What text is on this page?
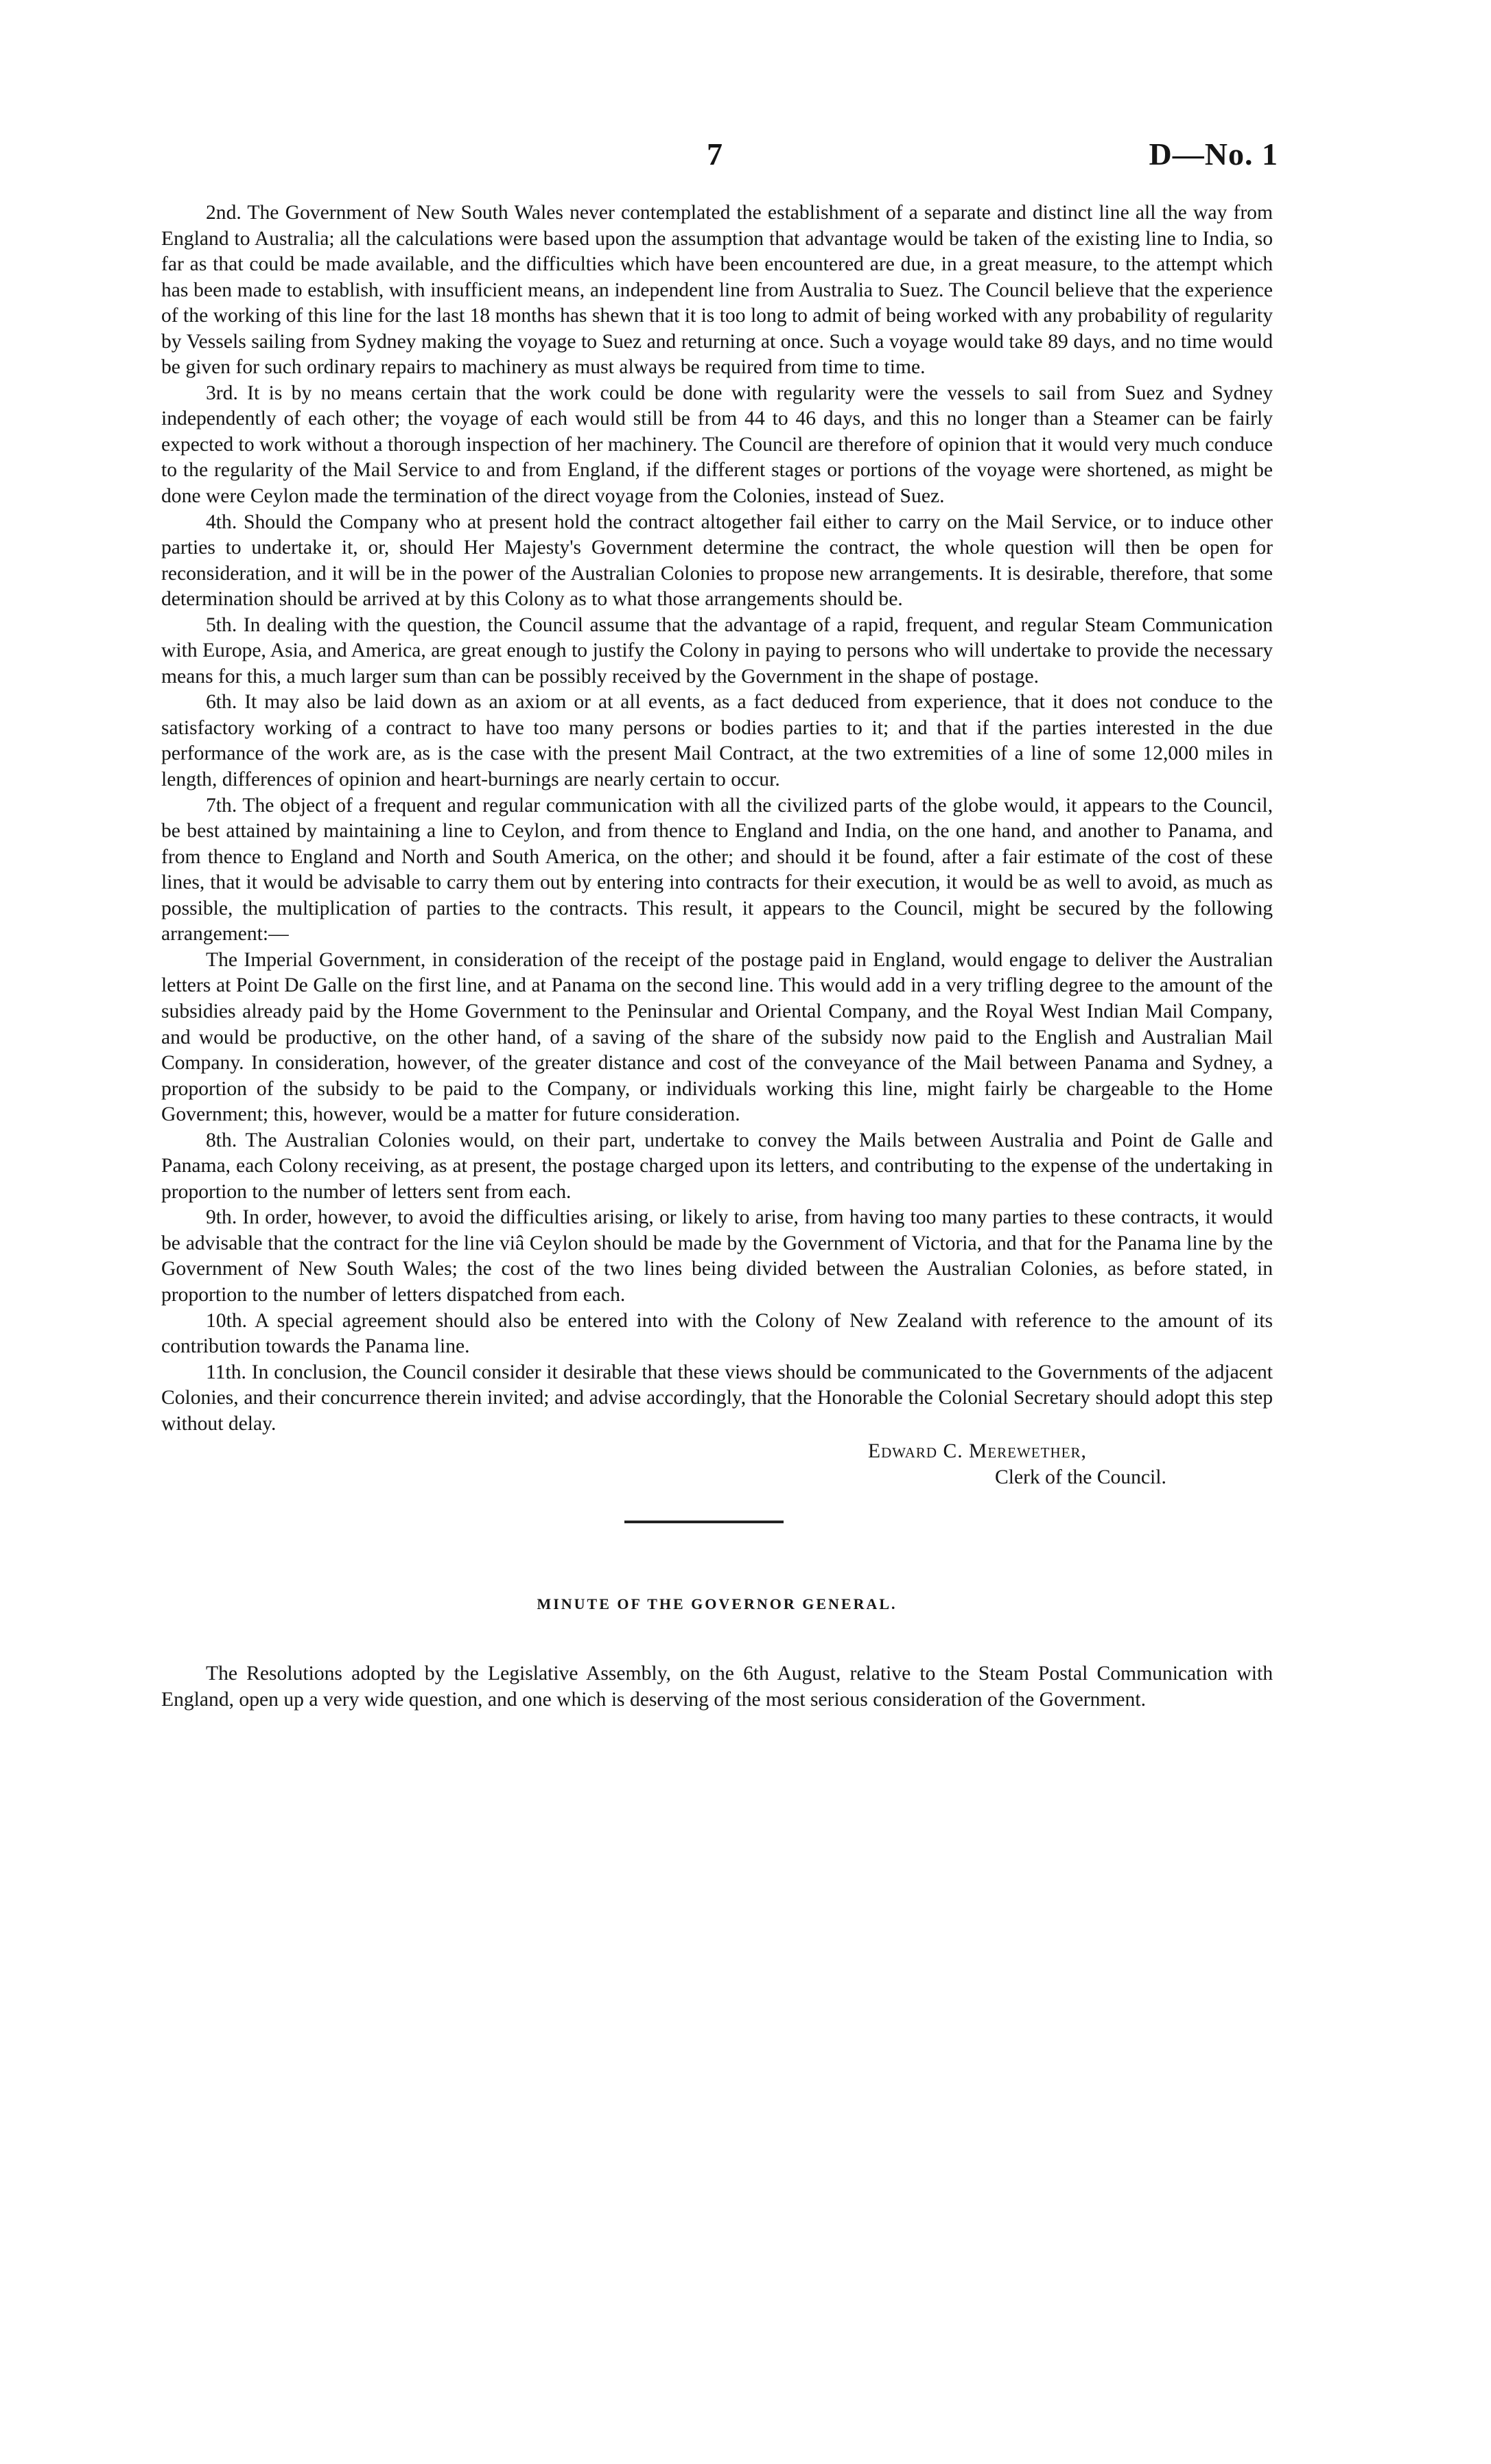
7	D—No. 1

2nd. The Government of New South Wales never contemplated the establishment of a separate and distinct line all the way from England to Australia; all the calculations were based upon the assumption that advantage would be taken of the existing line to India, so far as that could be made available, and the difficulties which have been encountered are due, in a great measure, to the attempt which has been made to establish, with insufficient means, an independent line from Australia to Suez. The Council believe that the experience of the working of this line for the last 18 months has shewn that it is too long to admit of being worked with any probability of regularity by Vessels sailing from Sydney making the voyage to Suez and returning at once. Such a voyage would take 89 days, and no time would be given for such ordinary repairs to machinery as must always be required from time to time.

3rd. It is by no means certain that the work could be done with regularity were the vessels to sail from Suez and Sydney independently of each other; the voyage of each would still be from 44 to 46 days, and this no longer than a Steamer can be fairly expected to work without a thorough inspection of her machinery. The Council are therefore of opinion that it would very much conduce to the regularity of the Mail Service to and from England, if the different stages or portions of the voyage were shortened, as might be done were Ceylon made the termination of the direct voyage from the Colonies, instead of Suez.

4th. Should the Company who at present hold the contract altogether fail either to carry on the Mail Service, or to induce other parties to undertake it, or, should Her Majesty's Government determine the contract, the whole question will then be open for reconsideration, and it will be in the power of the Australian Colonies to propose new arrangements. It is desirable, therefore, that some determination should be arrived at by this Colony as to what those arrangements should be.

5th. In dealing with the question, the Council assume that the advantage of a rapid, frequent, and regular Steam Communication with Europe, Asia, and America, are great enough to justify the Colony in paying to persons who will undertake to provide the necessary means for this, a much larger sum than can be possibly received by the Government in the shape of postage.

6th. It may also be laid down as an axiom or at all events, as a fact deduced from experience, that it does not conduce to the satisfactory working of a contract to have too many persons or bodies parties to it; and that if the parties interested in the due performance of the work are, as is the case with the present Mail Contract, at the two extremities of a line of some 12,000 miles in length, differences of opinion and heart-burnings are nearly certain to occur.

7th. The object of a frequent and regular communication with all the civilized parts of the globe would, it appears to the Council, be best attained by maintaining a line to Ceylon, and from thence to England and India, on the one hand, and another to Panama, and from thence to England and North and South America, on the other; and should it be found, after a fair estimate of the cost of these lines, that it would be advisable to carry them out by entering into contracts for their execution, it would be as well to avoid, as much as possible, the multiplication of parties to the contracts. This result, it appears to the Council, might be secured by the following arrangement:—

The Imperial Government, in consideration of the receipt of the postage paid in England, would engage to deliver the Australian letters at Point De Galle on the first line, and at Panama on the second line. This would add in a very trifling degree to the amount of the subsidies already paid by the Home Government to the Peninsular and Oriental Company, and the Royal West Indian Mail Company, and would be productive, on the other hand, of a saving of the share of the subsidy now paid to the English and Australian Mail Company. In consideration, however, of the greater distance and cost of the conveyance of the Mail between Panama and Sydney, a proportion of the subsidy to be paid to the Company, or individuals working this line, might fairly be chargeable to the Home Government; this, however, would be a matter for future consideration.

8th. The Australian Colonies would, on their part, undertake to convey the Mails between Australia and Point de Galle and Panama, each Colony receiving, as at present, the postage charged upon its letters, and contributing to the expense of the undertaking in proportion to the number of letters sent from each.

9th. In order, however, to avoid the difficulties arising, or likely to arise, from having too many parties to these contracts, it would be advisable that the contract for the line viâ Ceylon should be made by the Government of Victoria, and that for the Panama line by the Government of New South Wales; the cost of the two lines being divided between the Australian Colonies, as before stated, in proportion to the number of letters dispatched from each.

10th. A special agreement should also be entered into with the Colony of New Zealand with reference to the amount of its contribution towards the Panama line.

11th. In conclusion, the Council consider it desirable that these views should be communicated to the Governments of the adjacent Colonies, and their concurrence therein invited; and advise accordingly, that the Honorable the Colonial Secretary should adopt this step without delay.

Edward C. Merewether,

Clerk of the Council.

MINUTE OF THE GOVERNOR GENERAL.

The Resolutions adopted by the Legislative Assembly, on the 6th August, relative to the Steam Postal Communication with England, open up a very wide question, and one which is deserving of the most serious consideration of the Government.
